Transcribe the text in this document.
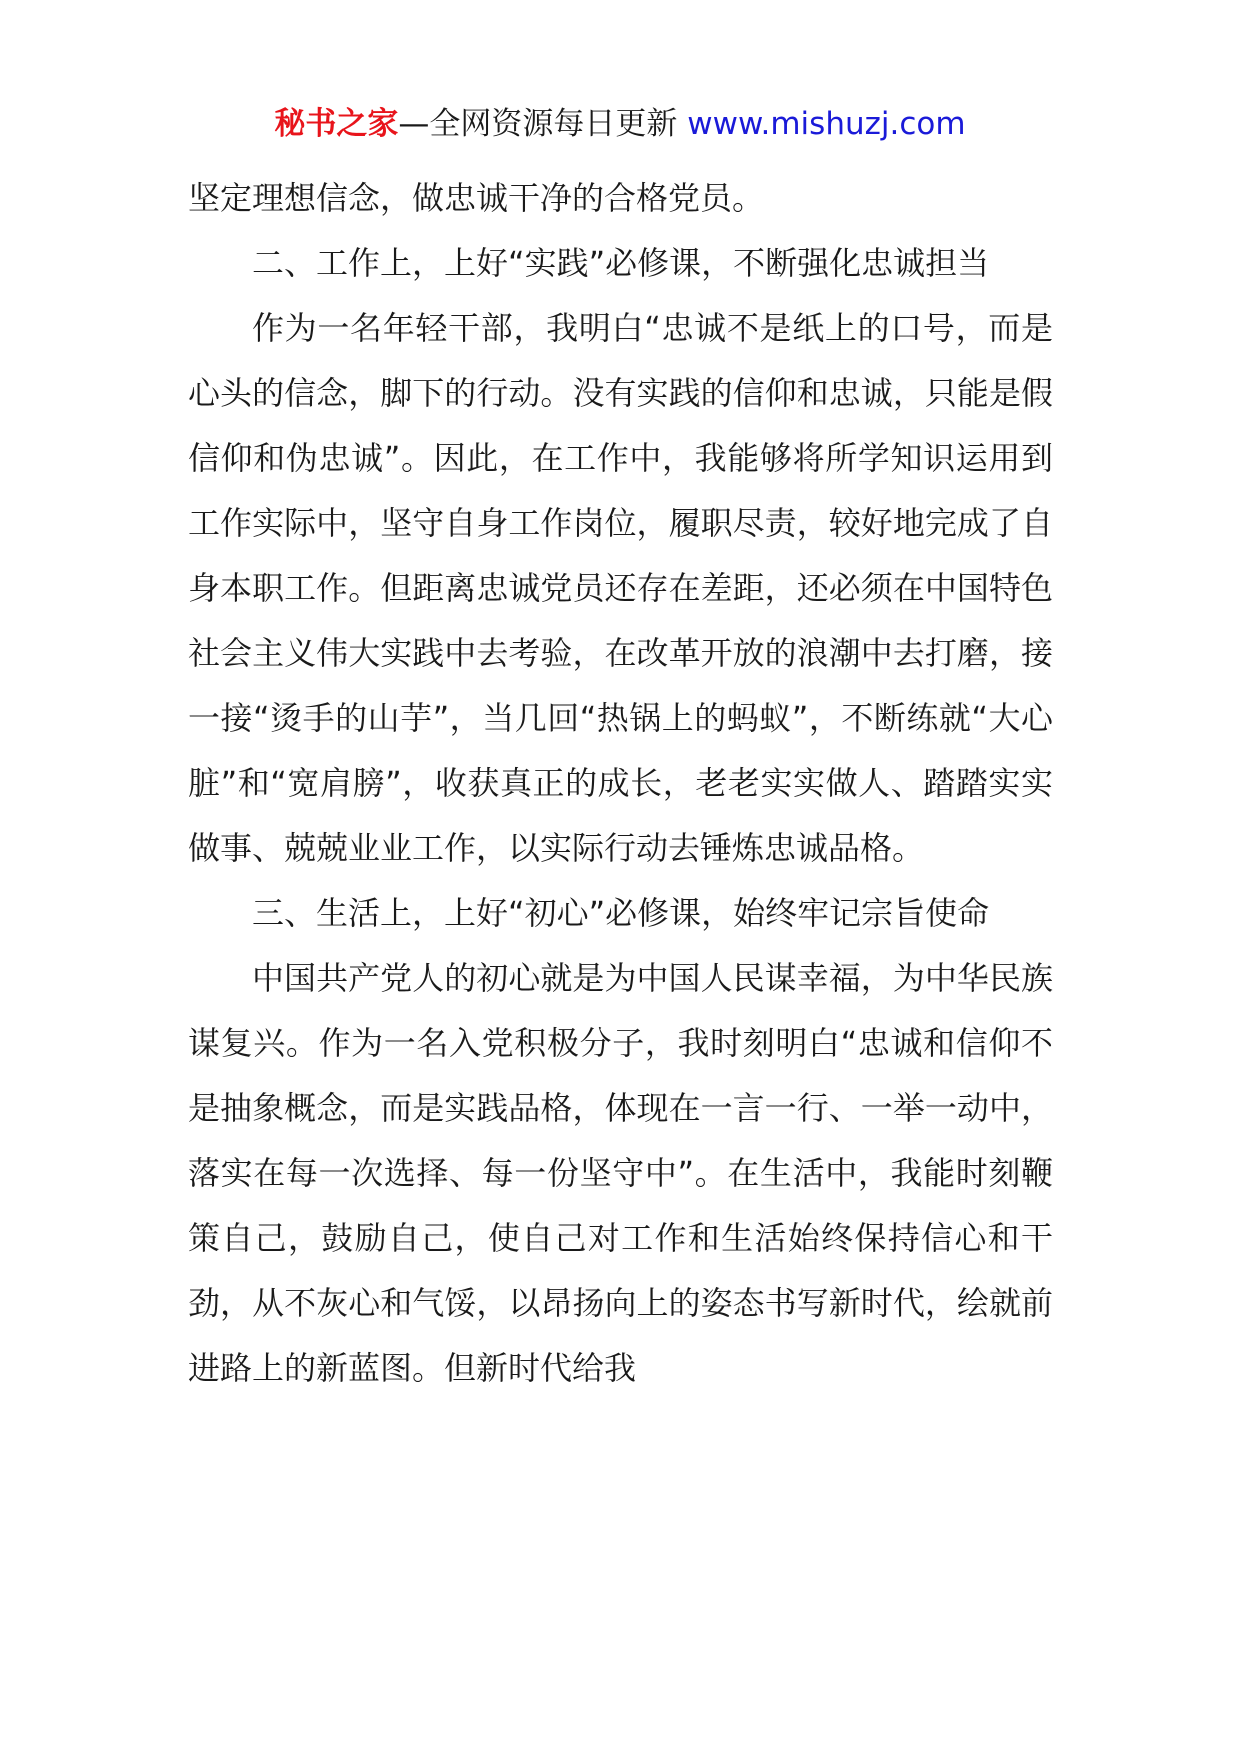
秘书之家—全网资源每日更新 www.mishuzj.com

坚定理想信念，做忠诚干净的合格党员。

二、工作上，上好“实践”必修课，不断强化忠诚担当

作为一名年轻干部，我明白“忠诚不是纸上的口号，而是心头的信念，脚下的行动。没有实践的信仰和忠诚，只能是假信仰和伪忠诚”。因此，在工作中，我能够将所学知识运用到工作实际中，坚守自身工作岗位，履职尽责，较好地完成了自身本职工作。但距离忠诚党员还存在差距，还必须在中国特色社会主义伟大实践中去考验，在改革开放的浪潮中去打磨，接一接“烫手的山芋”，当几回“热锅上的蚂蚁”，不断练就“大心脏”和“宽肩膀”，收获真正的成长，老老实实做人、踏踏实实做事、兢兢业业工作，以实际行动去锤炼忠诚品格。

三、生活上，上好“初心”必修课，始终牢记宗旨使命

中国共产党人的初心就是为中国人民谋幸福，为中华民族谋复兴。作为一名入党积极分子，我时刻明白“忠诚和信仰不是抽象概念，而是实践品格，体现在一言一行、一举一动中，落实在每一次选择、每一份坚守中”。在生活中，我能时刻鞭策自己，鼓励自己，使自己对工作和生活始终保持信心和干劲，从不灰心和气馁，以昂扬向上的姿态书写新时代，绘就前进路上的新蓝图。但新时代给我
